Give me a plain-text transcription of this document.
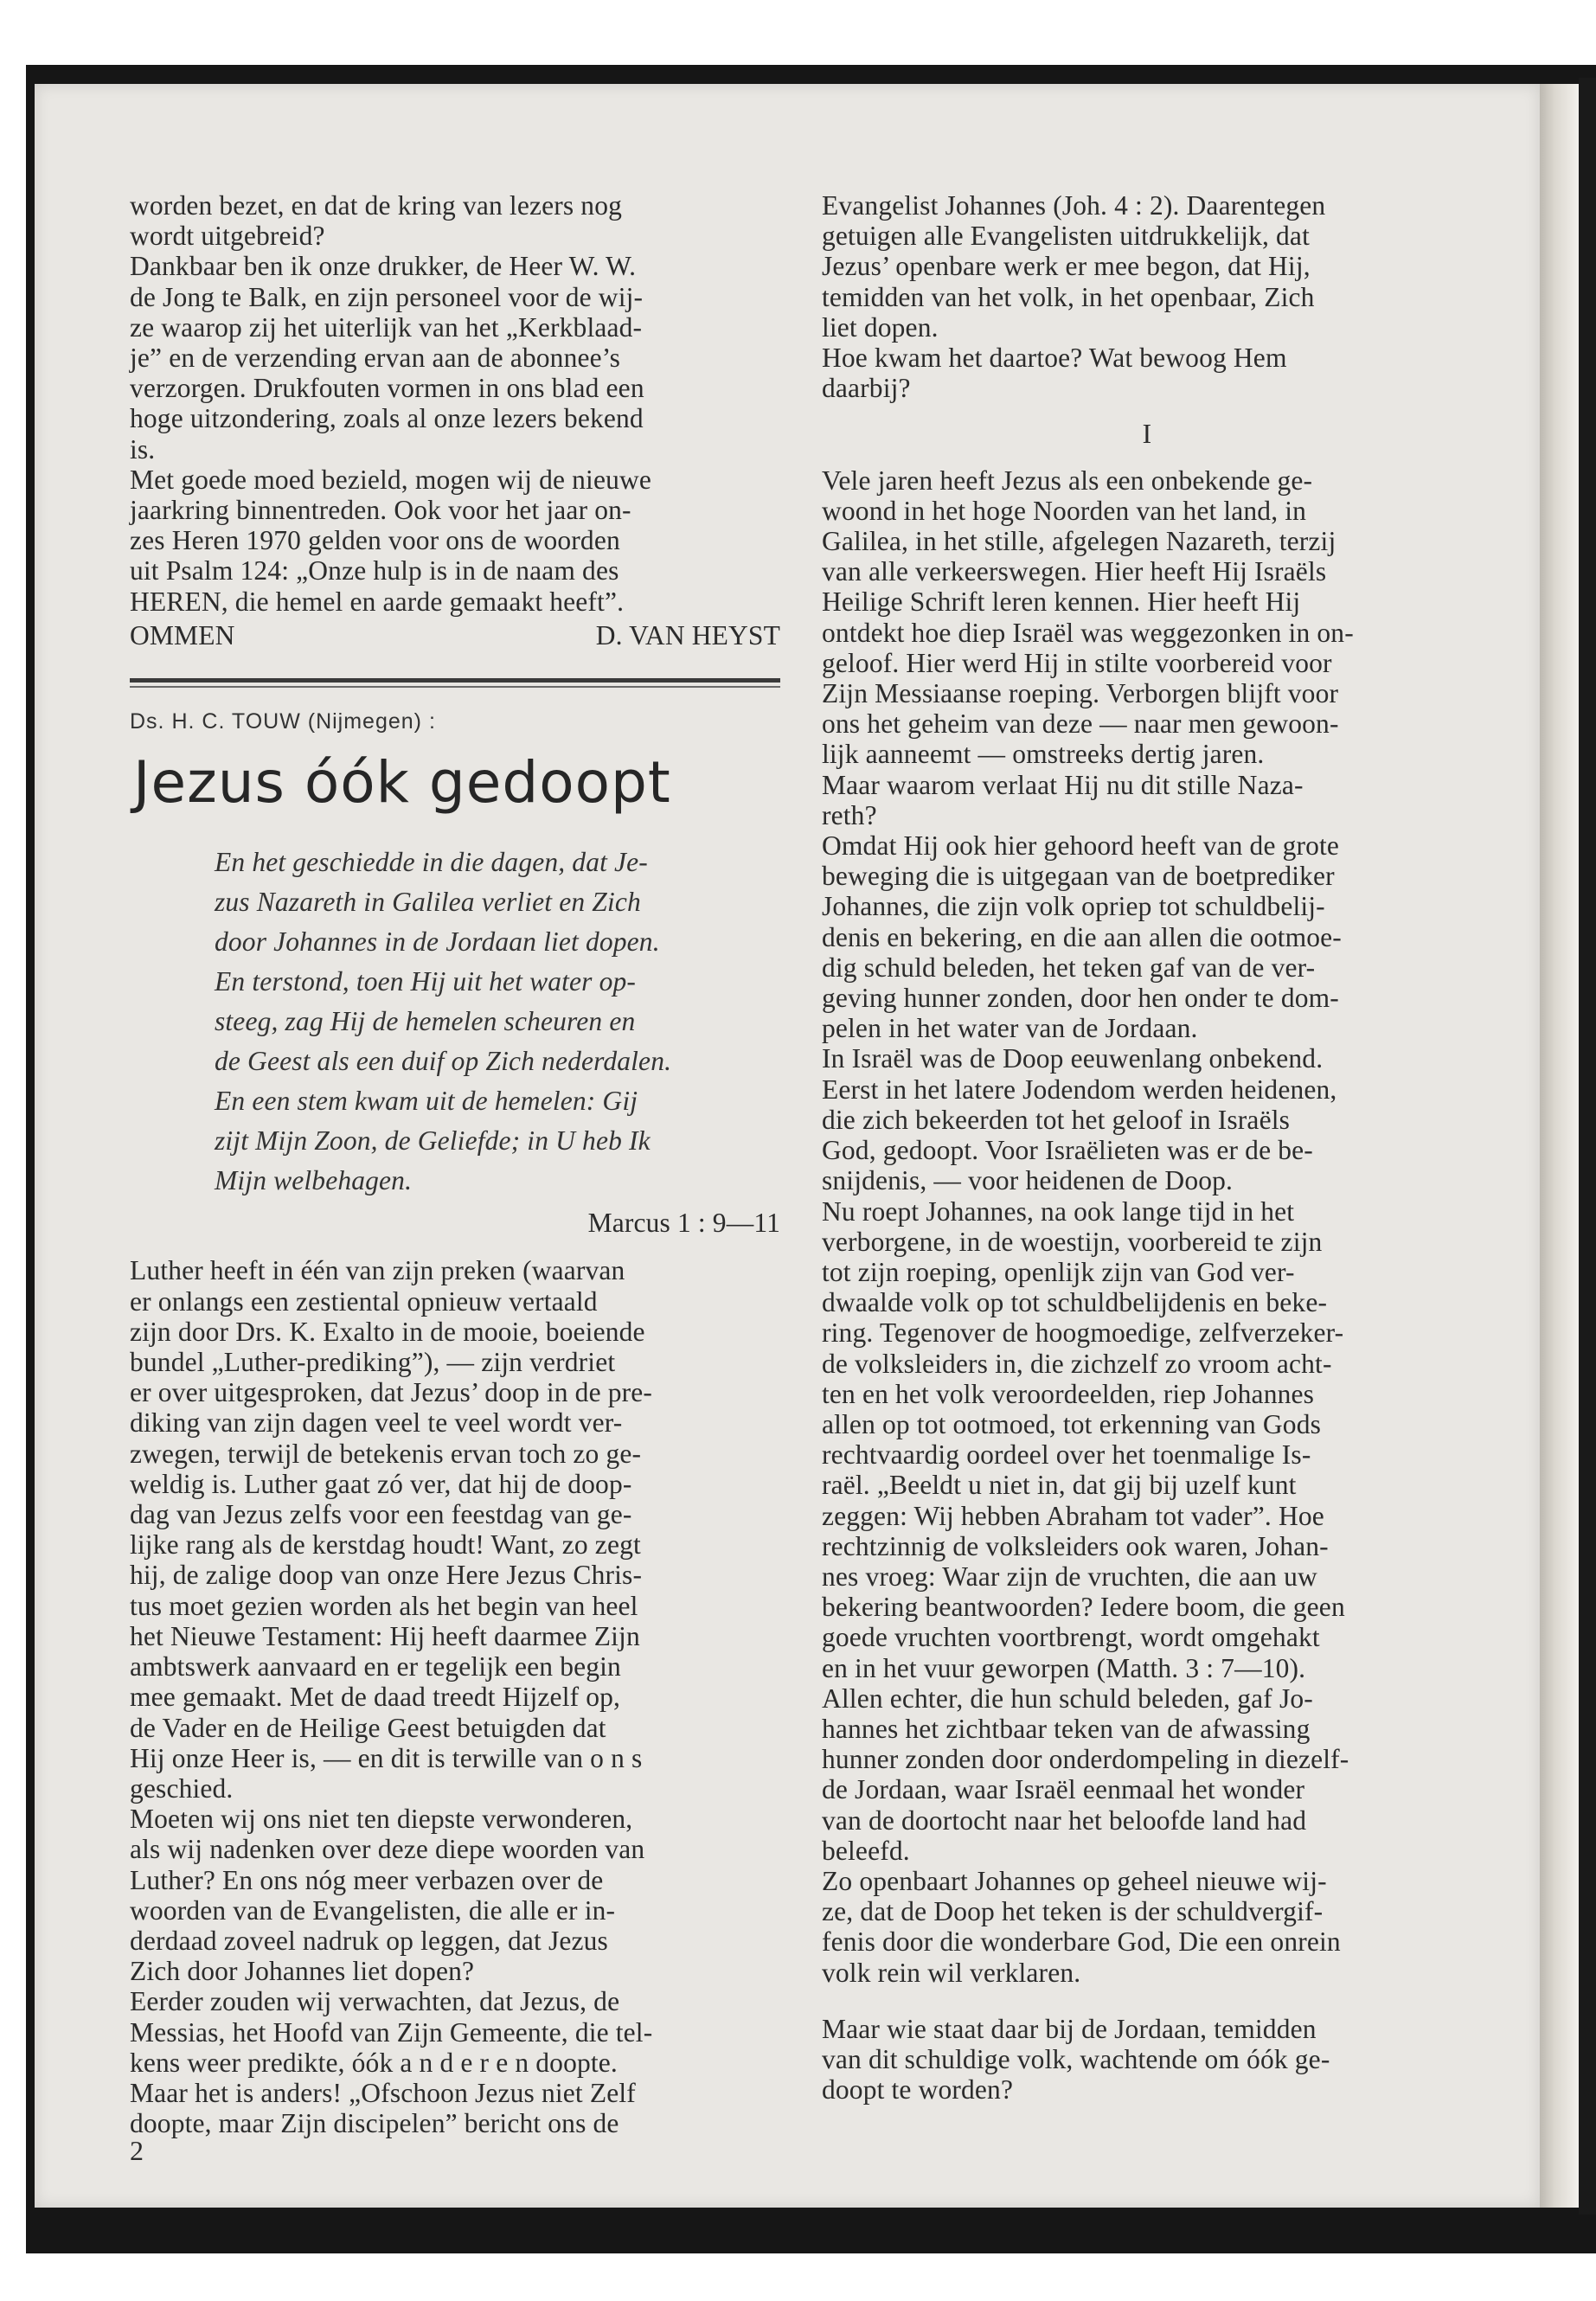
worden bezet, en dat de kring van lezers nog
wordt uitgebreid?

Dankbaar ben ik onze drukker, de Heer W. W.
de Jong te Balk, en zijn personeel voor de wij-
ze waarop zij het uiterlijk van het „Kerkblaad-
je” en de verzending ervan aan de abonnee’s
verzorgen. Drukfouten vormen in ons blad een
hoge uitzondering, zoals al onze lezers bekend
is.

Met goede moed bezield, mogen wij de nieuwe
jaarkring binnentreden. Ook voor het jaar on-
zes Heren 1970 gelden voor ons de woorden
uit Psalm 124: „Onze hulp is in de naam des
HEREN, die hemel en aarde gemaakt heeft”.

OMMEN	D. VAN HEYST
Ds. H. C. TOUW (Nijmegen) :
Jezus óók gedoopt

En het geschiedde in die dagen, dat Je-
zus Nazareth in Galilea verliet en Zich
door Johannes in de Jordaan liet dopen.
En terstond, toen Hij uit het water op-
steeg, zag Hij de hemelen scheuren en
de Geest als een duif op Zich nederdalen.
En een stem kwam uit de hemelen: Gij
zijt Mijn Zoon, de Geliefde; in U heb Ik
Mijn welbehagen.

Marcus 1 : 9—11

Luther heeft in één van zijn preken (waarvan
er onlangs een zestiental opnieuw vertaald
zijn door Drs. K. Exalto in de mooie, boeiende
bundel „Luther-prediking”), — zijn verdriet
er over uitgesproken, dat Jezus’ doop in de pre-
diking van zijn dagen veel te veel wordt ver-
zwegen, terwijl de betekenis ervan toch zo ge-
weldig is. Luther gaat zó ver, dat hij de doop-
dag van Jezus zelfs voor een feestdag van ge-
lijke rang als de kerstdag houdt! Want, zo zegt
hij, de zalige doop van onze Here Jezus Chris-
tus moet gezien worden als het begin van heel
het Nieuwe Testament: Hij heeft daarmee Zijn
ambtswerk aanvaard en er tegelijk een begin
mee gemaakt. Met de daad treedt Hijzelf op,
de Vader en de Heilige Geest betuigden dat
Hij onze Heer is, — en dit is terwille van o n s
geschied.

Moeten wij ons niet ten diepste verwonderen,
als wij nadenken over deze diepe woorden van
Luther? En ons nóg meer verbazen over de
woorden van de Evangelisten, die alle er in-
derdaad zoveel nadruk op leggen, dat Jezus
Zich door Johannes liet dopen?

Eerder zouden wij verwachten, dat Jezus, de
Messias, het Hoofd van Zijn Gemeente, die tel-
kens weer predikte, óók a n d e r e n doopte.
Maar het is anders! „Ofschoon Jezus niet Zelf
doopte, maar Zijn discipelen” bericht ons de

Evangelist Johannes (Joh. 4 : 2). Daarentegen
getuigen alle Evangelisten uitdrukkelijk, dat
Jezus’ openbare werk er mee begon, dat Hij,
temidden van het volk, in het openbaar, Zich
liet dopen.

Hoe kwam het daartoe? Wat bewoog Hem
daarbij?

I

Vele jaren heeft Jezus als een onbekende ge-
woond in het hoge Noorden van het land, in
Galilea, in het stille, afgelegen Nazareth, terzij
van alle verkeerswegen. Hier heeft Hij Israëls
Heilige Schrift leren kennen. Hier heeft Hij
ontdekt hoe diep Israël was weggezonken in on-
geloof. Hier werd Hij in stilte voorbereid voor
Zijn Messiaanse roeping. Verborgen blijft voor
ons het geheim van deze — naar men gewoon-
lijk aanneemt — omstreeks dertig jaren.

Maar waarom verlaat Hij nu dit stille Naza-
reth?

Omdat Hij ook hier gehoord heeft van de grote
beweging die is uitgegaan van de boetprediker
Johannes, die zijn volk opriep tot schuldbelij-
denis en bekering, en die aan allen die ootmoe-
dig schuld beleden, het teken gaf van de ver-
geving hunner zonden, door hen onder te dom-
pelen in het water van de Jordaan.

In Israël was de Doop eeuwenlang onbekend.
Eerst in het latere Jodendom werden heidenen,
die zich bekeerden tot het geloof in Israëls
God, gedoopt. Voor Israëlieten was er de be-
snijdenis, — voor heidenen de Doop.

Nu roept Johannes, na ook lange tijd in het
verborgene, in de woestijn, voorbereid te zijn
tot zijn roeping, openlijk zijn van God ver-
dwaalde volk op tot schuldbelijdenis en beke-
ring. Tegenover de hoogmoedige, zelfverzeker-
de volksleiders in, die zichzelf zo vroom acht-
ten en het volk veroordeelden, riep Johannes
allen op tot ootmoed, tot erkenning van Gods
rechtvaardig oordeel over het toenmalige Is-
raël. „Beeldt u niet in, dat gij bij uzelf kunt
zeggen: Wij hebben Abraham tot vader”. Hoe
rechtzinnig de volksleiders ook waren, Johan-
nes vroeg: Waar zijn de vruchten, die aan uw
bekering beantwoorden? Iedere boom, die geen
goede vruchten voortbrengt, wordt omgehakt
en in het vuur geworpen (Matth. 3 : 7—10).

Allen echter, die hun schuld beleden, gaf Jo-
hannes het zichtbaar teken van de afwassing
hunner zonden door onderdompeling in diezelf-
de Jordaan, waar Israël eenmaal het wonder
van de doortocht naar het beloofde land had
beleefd.

Zo openbaart Johannes op geheel nieuwe wij-
ze, dat de Doop het teken is der schuldvergif-
fenis door die wonderbare God, Die een onrein
volk rein wil verklaren.

Maar wie staat daar bij de Jordaan, temidden
van dit schuldige volk, wachtende om óók ge-
doopt te worden?

2
